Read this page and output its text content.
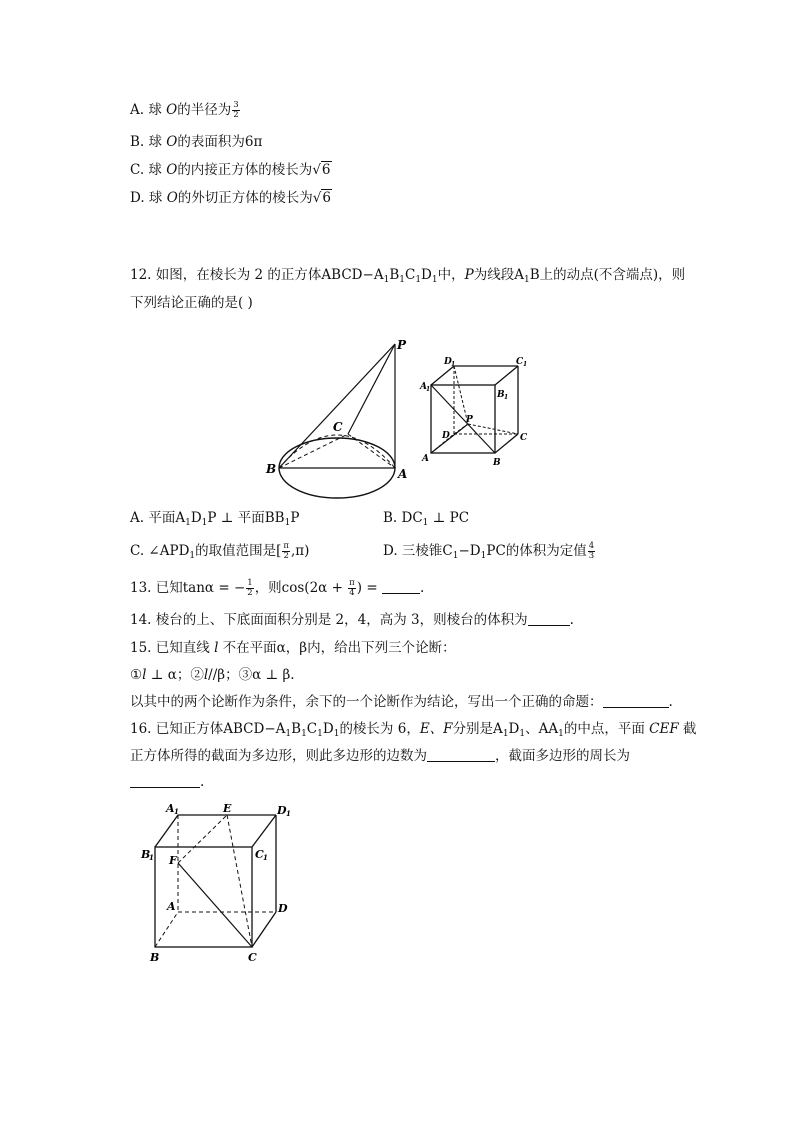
A. 球 O的半径为 $\frac{3}{2}$
B. 球 O的表面积为6π
C. 球 O的内接正方体的棱长为√6
D. 球 O的外切正方体的棱长为√6
12. 如图，在棱长为 2 的正方体$ABCD-A_1B_1C_1D_1$中，P为线段$A_1B$上的动点(不含端点)，则
下列结论正确的是( )
P
C
B	A
D 1	C 1
A 1
B 1
D
P
C
A	B
A. 平面$A_1D_1P$ ⊥ 平面$BB_1P$	B. $DC_1$ ⊥ PC
C. $\angle APD_1$的取值范围是[ $\frac{\pi}{2} ,\pi$)	D. 三棱锥$C_1-D_1PC$的体积为定值 $\frac{4}{3}$
13. 已知tanα = − $\frac{1}{2}$ ，则$\cos(2\alpha + \frac{\pi}{4}$ ) =	.
14. 棱台的上、下底面面积分别是 2，4，高为 3，则棱台的体积为	.
15. 已知直线 l 不在平面α，β内，给出下列三个论断：
①l ⊥ α；②l//β；③α ⊥ β.
以其中的两个论断作为条件，余下的一个论断作为结论，写出一个正确的命题：	.
16. 已知正方体$ABCD-A_1B_1C_1D_1$的棱长为 6，E、F分别是$A_1D_1$、$AA_1$的中点，平面 CEF 截
正方体所得的截面为多边形，则此多边形的边数为	，截面多边形的周长为
.
A 1	E	D 1
B
1 F	C 1
A	D
B	C
